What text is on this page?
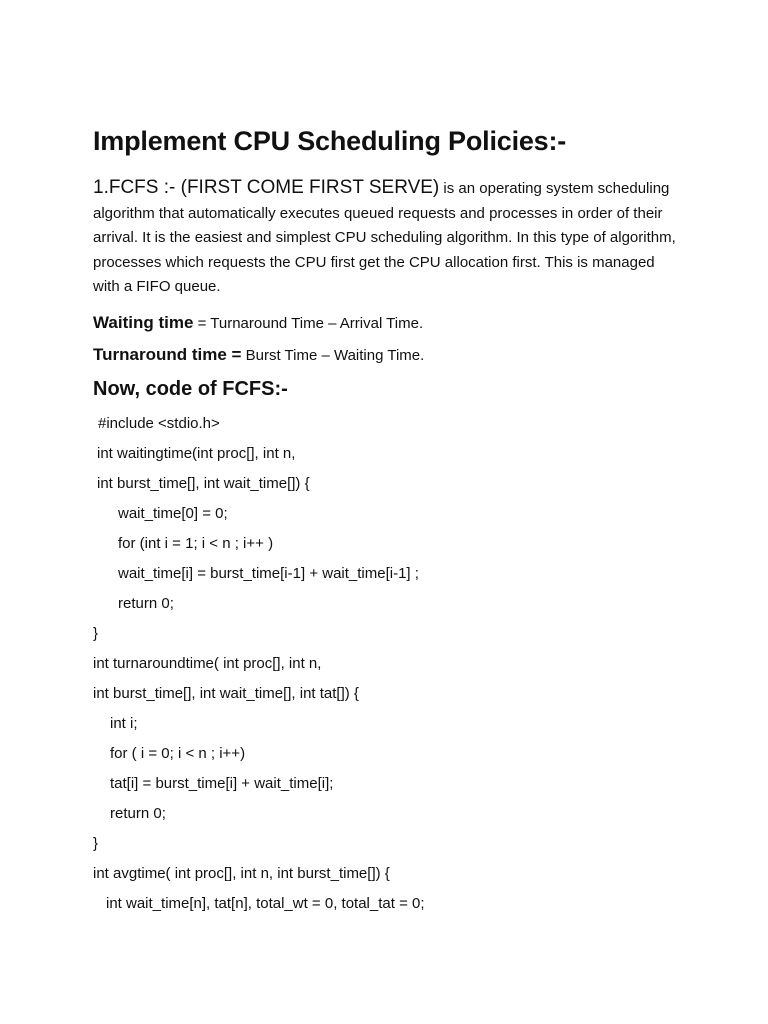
Implement CPU Scheduling Policies:-
1.FCFS :- (FIRST COME FIRST SERVE) is an operating system scheduling algorithm that automatically executes queued requests and processes in order of their arrival. It is the easiest and simplest CPU scheduling algorithm. In this type of algorithm, processes which requests the CPU first get the CPU allocation first. This is managed with a FIFO queue.
Waiting time = Turnaround Time – Arrival Time.
Turnaround time = Burst Time – Waiting Time.
Now, code of FCFS:-
#include <stdio.h>
int waitingtime(int proc[], int n,
int burst_time[], int wait_time[]) {
wait_time[0] = 0;
for (int i = 1; i < n ; i++ )
wait_time[i] = burst_time[i-1] + wait_time[i-1] ;
return 0;
}
int turnaroundtime( int proc[], int n,
int burst_time[], int wait_time[], int tat[]) {
int i;
for ( i = 0; i < n ; i++)
tat[i] = burst_time[i] + wait_time[i];
return 0;
}
int avgtime( int proc[], int n, int burst_time[]) {
int wait_time[n], tat[n], total_wt = 0, total_tat = 0;
